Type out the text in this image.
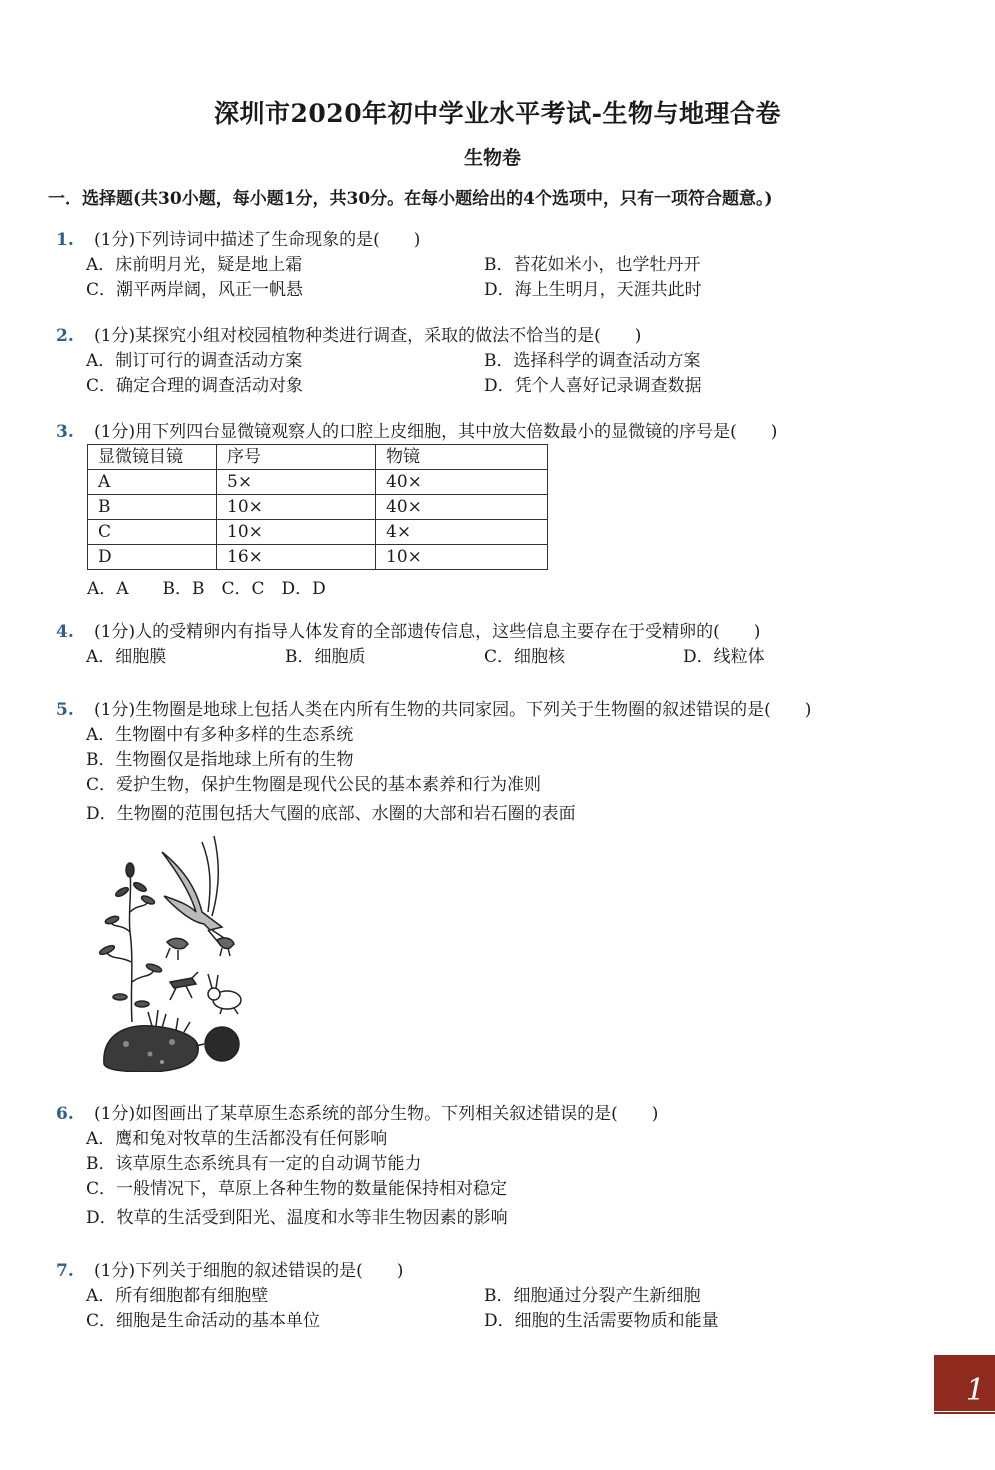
深圳市2020年初中学业水平考试-生物与地理合卷
生物卷
一．选择题(共30小题，每小题1分，共30分。在每小题给出的4个选项中，只有一项符合题意。)
1. (1分)下列诗词中描述了生命现象的是(　　)
A．床前明月光，疑是地上霜	B．苔花如米小，也学牡丹开
C．潮平两岸阔，风正一帆悬	D．海上生明月，天涯共此时
2. (1分)某探究小组对校园植物种类进行调查，采取的做法不恰当的是(　　)
A．制订可行的调查活动方案	B．选择科学的调查活动方案
C．确定合理的调查活动对象	D．凭个人喜好记录调查数据
3. (1分)用下列四台显微镜观察人的口腔上皮细胞，其中放大倍数最小的显微镜的序号是(　　)
显微镜目镜	序号	物镜
A	5×	40×
B	10×	40×
C	10×	4×
D	16×	10×
A．A　　B．B　C．C　D．D
4. (1分)人的受精卵内有指导人体发育的全部遗传信息，这些信息主要存在于受精卵的(　　)
A．细胞膜	B．细胞质	C．细胞核	D．线粒体
5. (1分)生物圈是地球上包括人类在内所有生物的共同家园。下列关于生物圈的叙述错误的是(　　)
A．生物圈中有多种多样的生态系统
B．生物圈仅是指地球上所有的生物
C．爱护生物，保护生物圈是现代公民的基本素养和行为准则
D．生物圈的范围包括大气圈的底部、水圈的大部和岩石圈的表面
6. (1分)如图画出了某草原生态系统的部分生物。下列相关叙述错误的是(　　)
A．鹰和兔对牧草的生活都没有任何影响
B．该草原生态系统具有一定的自动调节能力
C．一般情况下，草原上各种生物的数量能保持相对稳定
D．牧草的生活受到阳光、温度和水等非生物因素的影响
7. (1分)下列关于细胞的叙述错误的是(　　)
A．所有细胞都有细胞壁	B．细胞通过分裂产生新细胞
C．细胞是生命活动的基本单位	D．细胞的生活需要物质和能量
1
